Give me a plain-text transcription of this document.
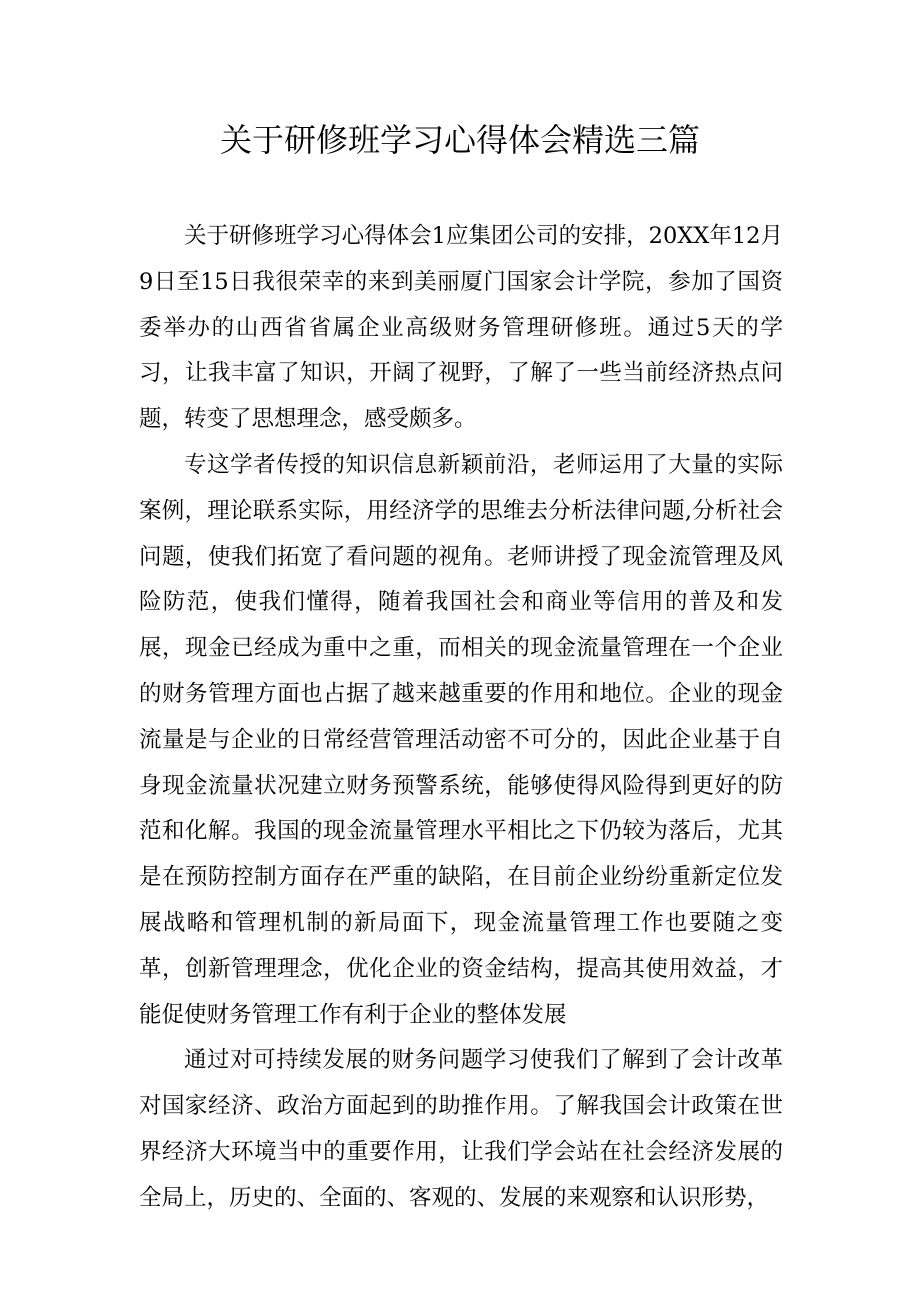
关于研修班学习心得体会精选三篇

关于研修班学习心得体会1应集团公司的安排，20XX年12月9日至15日我很荣幸的来到美丽厦门国家会计学院，参加了国资委举办的山西省省属企业高级财务管理研修班。通过5天的学习，让我丰富了知识，开阔了视野，了解了一些当前经济热点问题，转变了思想理念，感受颇多。

专这学者传授的知识信息新颖前沿，老师运用了大量的实际案例，理论联系实际，用经济学的思维去分析法律问题,分析社会问题，使我们拓宽了看问题的视角。老师讲授了现金流管理及风险防范，使我们懂得，随着我国社会和商业等信用的普及和发展，现金已经成为重中之重，而相关的现金流量管理在一个企业的财务管理方面也占据了越来越重要的作用和地位。企业的现金流量是与企业的日常经营管理活动密不可分的，因此企业基于自身现金流量状况建立财务预警系统，能够使得风险得到更好的防范和化解。我国的现金流量管理水平相比之下仍较为落后，尤其是在预防控制方面存在严重的缺陷，在目前企业纷纷重新定位发展战略和管理机制的新局面下，现金流量管理工作也要随之变革，创新管理理念，优化企业的资金结构，提高其使用效益，才能促使财务管理工作有利于企业的整体发展

通过对可持续发展的财务问题学习使我们了解到了会计改革对国家经济、政治方面起到的助推作用。了解我国会计政策在世界经济大环境当中的重要作用，让我们学会站在社会经济发展的全局上，历史的、全面的、客观的、发展的来观察和认识形势，
